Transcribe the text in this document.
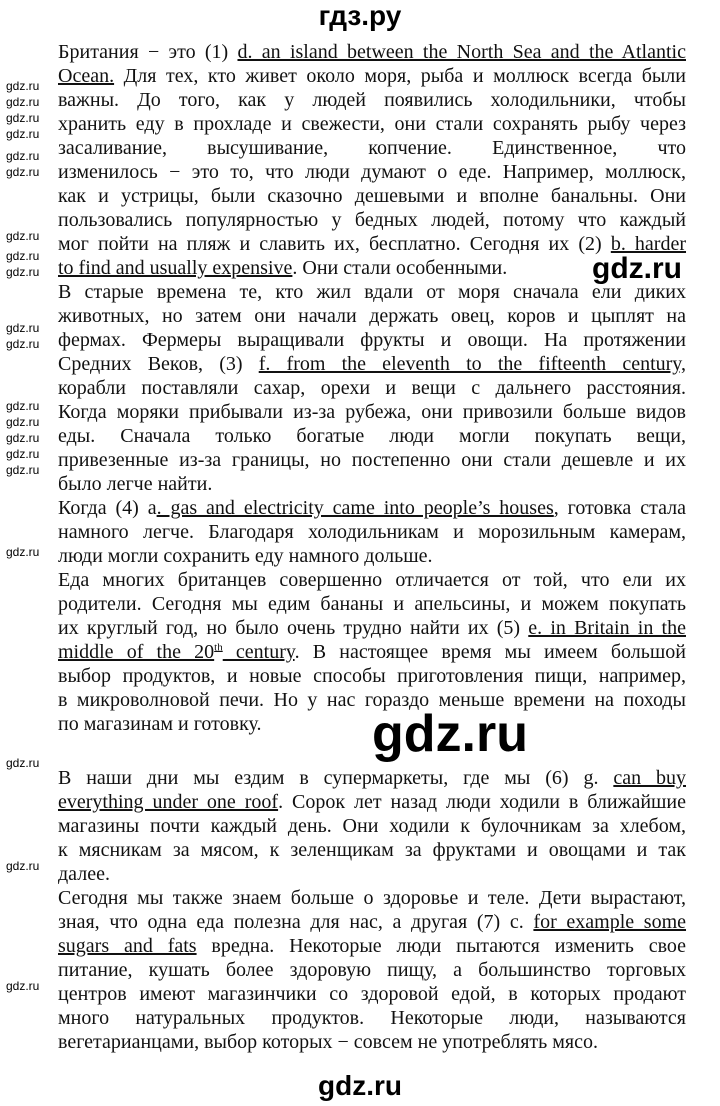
гдз.ру
Британия − это (1) d. an island between the North Sea and the Atlantic
Ocean. Для тех, кто живет около моря, рыба и моллюск всегда были
важны. До того, как у людей появились холодильники, чтобы
хранить еду в прохладе и свежести, они стали сохранять рыбу через
засаливание, высушивание, копчение. Единственное, что
изменилось − это то, что люди думают о еде. Например, моллюск,
как и устрицы, были сказочно дешевыми и вполне банальны. Они
пользовались популярностью у бедных людей, потому что каждый
мог пойти на пляж и славить их, бесплатно. Сегодня их (2) b. harder
to find and usually expensive. Они стали особенными.
В старые времена те, кто жил вдали от моря сначала ели диких
животных, но затем они начали держать овец, коров и цыплят на
фермах. Фермеры выращивали фрукты и овощи. На протяжении
Средних Веков, (3) f. from the eleventh to the fifteenth century,
корабли поставляли сахар, орехи и вещи с дальнего расстояния.
Когда моряки прибывали из-за рубежа, они привозили больше видов
еды. Сначала только богатые люди могли покупать вещи,
привезенные из-за границы, но постепенно они стали дешевле и их
было легче найти.
Когда (4) a. gas and electricity came into people’s houses, готовка стала
намного легче. Благодаря холодильникам и морозильным камерам,
люди могли сохранить еду намного дольше.
Еда многих британцев совершенно отличается от той, что ели их
родители. Сегодня мы едим бананы и апельсины, и можем покупать
их круглый год, но было очень трудно найти их (5) e. in Britain in the
middle of the 20th century. В настоящее время мы имеем большой
выбор продуктов, и новые способы приготовления пищи, например,
в микроволновой печи. Но у нас гораздо меньше времени на походы
по магазинам и готовку.
В наши дни мы ездим в супермаркеты, где мы (6) g. can buy
everything under one roof. Сорок лет назад люди ходили в ближайшие
магазины почти каждый день. Они ходили к булочникам за хлебом,
к мясникам за мясом, к зеленщикам за фруктами и овощами и так
далее.
Сегодня мы также знаем больше о здоровье и теле. Дети вырастают,
зная, что одна еда полезна для нас, а другая (7) c. for example some
sugars and fats вредна. Некоторые люди пытаются изменить свое
питание, кушать более здоровую пищу, а большинство торговых
центров имеют магазинчики со здоровой едой, в которых продают
много натуральных продуктов. Некоторые люди, называются
вегетарианцами, выбор которых − совсем не употреблять мясо.
gdz.ru
gdz.ru
gdz.ru
gdz.ru
gdz.ru
gdz.ru
gdz.ru
gdz.ru
gdz.ru
gdz.ru
gdz.ru
gdz.ru
gdz.ru
gdz.ru
gdz.ru
gdz.ru
gdz.ru
gdz.ru
gdz.ru
gdz.ru
gdz.ru
gdz.ru
gdz.ru
